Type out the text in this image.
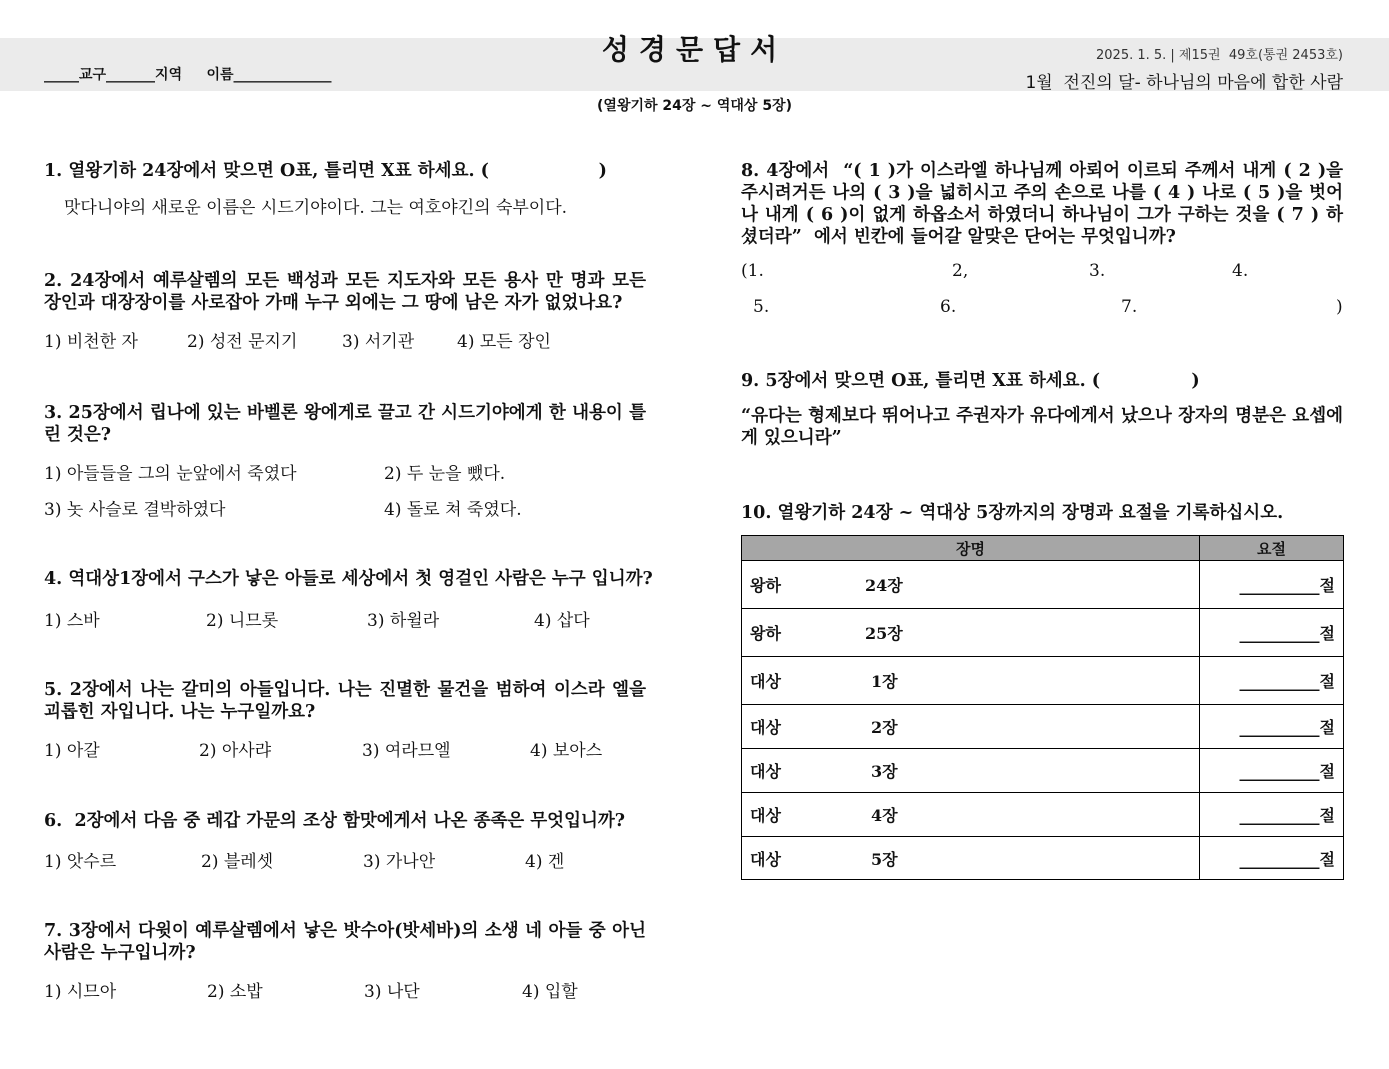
성경문답서
_____교구_______지역     이름______________
2025. 1. 5. | 제15권  49호(통권 2453호)
1월  전진의 달- 하나님의 마음에 합한 사람
(열왕기하 24장 ~ 역대상 5장)
1. 열왕기하 24장에서 맞으면 O표, 틀리면 X표 하세요. (                  )
맛다니야의 새로운 이름은 시드기야이다. 그는 여호야긴의 숙부이다.
2. 24장에서 예루살렘의 모든 백성과 모든 지도자와 모든 용사 만 명과 모든 장인과 대장장이를 사로잡아 가매 누구 외에는 그 땅에 남은 자가 없었나요?
1) 비천한 자	2) 성전 문지기	3) 서기관	4) 모든 장인
3. 25장에서 립나에 있는 바벨론 왕에게로 끌고 간 시드기야에게 한 내용이 틀린 것은?
1) 아들들을 그의 눈앞에서 죽였다	2) 두 눈을 뺐다.
3) 놋 사슬로 결박하였다	4) 돌로 쳐 죽였다.
4. 역대상1장에서 구스가 낳은 아들로 세상에서 첫 영걸인 사람은 누구 입니까?
1) 스바	2) 니므롯	3) 하윌라	4) 삽다
5. 2장에서 나는 갈미의 아들입니다. 나는 진멸한 물건을 범하여 이스라 엘을 괴롭힌 자입니다. 나는 누구일까요?
1) 아갈	2) 아사랴	3) 여라므엘	4) 보아스
6.  2장에서 다음 중 레갑 가문의 조상 함맛에게서 나온 종족은 무엇입니까?
1) 앗수르	2) 블레셋	3) 가나안	4) 겐
7. 3장에서 다윗이 예루살렘에서 낳은 밧수아(밧세바)의 소생 네 아들 중 아닌 사람은 누구입니까?
1) 시므아	2) 소밥	3) 나단	4) 입할
8. 4장에서  “( 1 )가 이스라엘 하나님께 아뢰어 이르되 주께서 내게 ( 2 )을 주시려거든 나의 ( 3 )을 넓히시고 주의 손으로 나를 ( 4 ) 나로 ( 5 )을 벗어나 내게 ( 6 )이 없게 하옵소서 하였더니 하나님이 그가 구하는 것을 ( 7 ) 하셨더라”  에서 빈칸에 들어갈 알맞은 단어는 무엇입니까?
(1.	2,	3.	4.
5.	6.	7.	)
9. 5장에서 맞으면 O표, 틀리면 X표 하세요. (               )
“유다는 형제보다 뛰어나고 주권자가 유다에게서 났으나 장자의 명분은 요셉에게 있으니라”
10. 열왕기하 24장 ~ 역대상 5장까지의 장명과 요절을 기록하십시오.
장명	요절
왕하 24장	__________절
왕하 25장	__________절
대상 1장	__________절
대상 2장	__________절
대상 3장	__________절
대상 4장	__________절
대상 5장	__________절
